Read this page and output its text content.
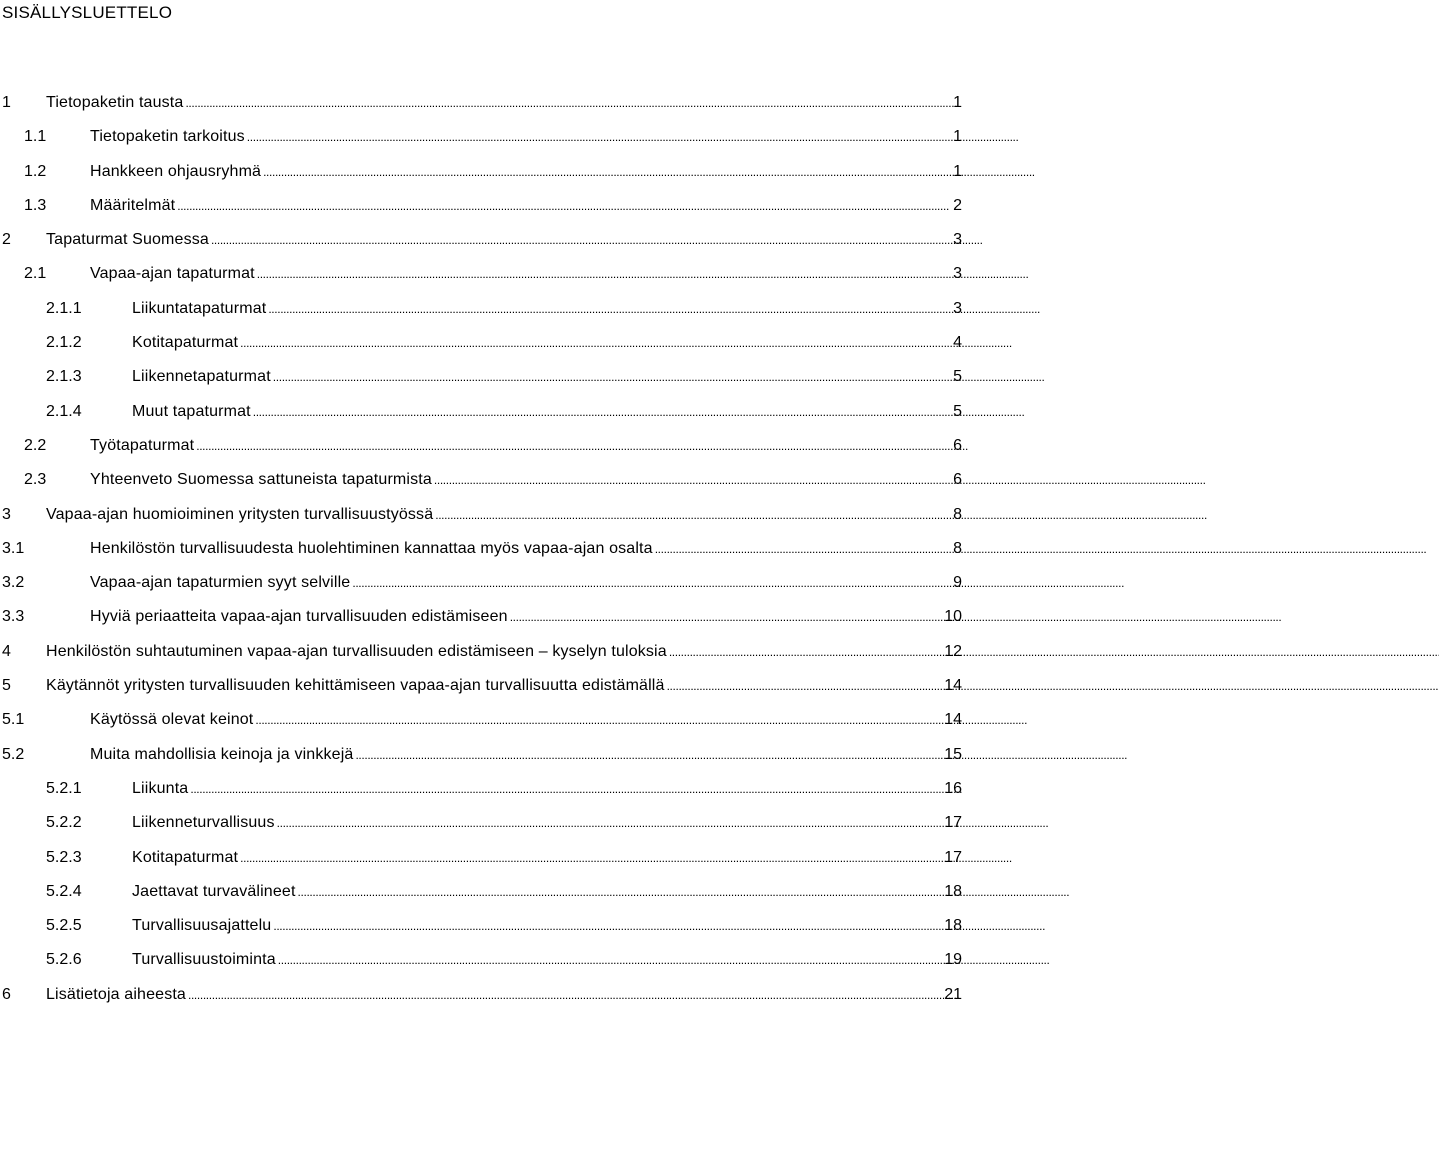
SISÄLLYSLUETTELO
1 Tietopaketin tausta . . .	1
1.1	Tietopaketin tarkoitus . . .	1
1.2	Hankkeen ohjausryhmä . . .	1
1.3	Määritelmät . . .	2
2 Tapaturmat Suomessa . . .	3
2.1	Vapaa-ajan tapaturmat . . .	3
2.1.1	Liikuntatapaturmat . . .	3
2.1.2	Kotitapaturmat . . .	4
2.1.3	Liikennetapaturmat . . .	5
2.1.4	Muut tapaturmat . . .	5
2.2	Työtapaturmat . . .	6
2.3	Yhteenveto Suomessa sattuneista tapaturmista . . .	6
3 Vapaa-ajan huomioiminen yritysten turvallisuustyössä . . .	8
3.1	Henkilöstön turvallisuudesta huolehtiminen kannattaa myös vapaa-ajan osalta . . .	8
3.2	Vapaa-ajan tapaturmien syyt selville . . .	9
3.3	Hyviä periaatteita vapaa-ajan turvallisuuden edistämiseen . . .	10
4 Henkilöstön suhtautuminen vapaa-ajan turvallisuuden edistämiseen – kyselyn tuloksia . . .	12
5 Käytännöt yritysten turvallisuuden kehittämiseen vapaa-ajan turvallisuutta edistämällä . . .	14
5.1	Käytössä olevat keinot . . .	14
5.2	Muita mahdollisia keinoja ja vinkkejä . . .	15
5.2.1	Liikunta . . .	16
5.2.2	Liikenneturvallisuus . . .	17
5.2.3	Kotitapaturmat . . .	17
5.2.4	Jaettavat turvavälineet . . .	18
5.2.5	Turvallisuusajattelu . . .	18
5.2.6	Turvallisuustoiminta . . .	19
6 Lisätietoja aiheesta . . .	21
